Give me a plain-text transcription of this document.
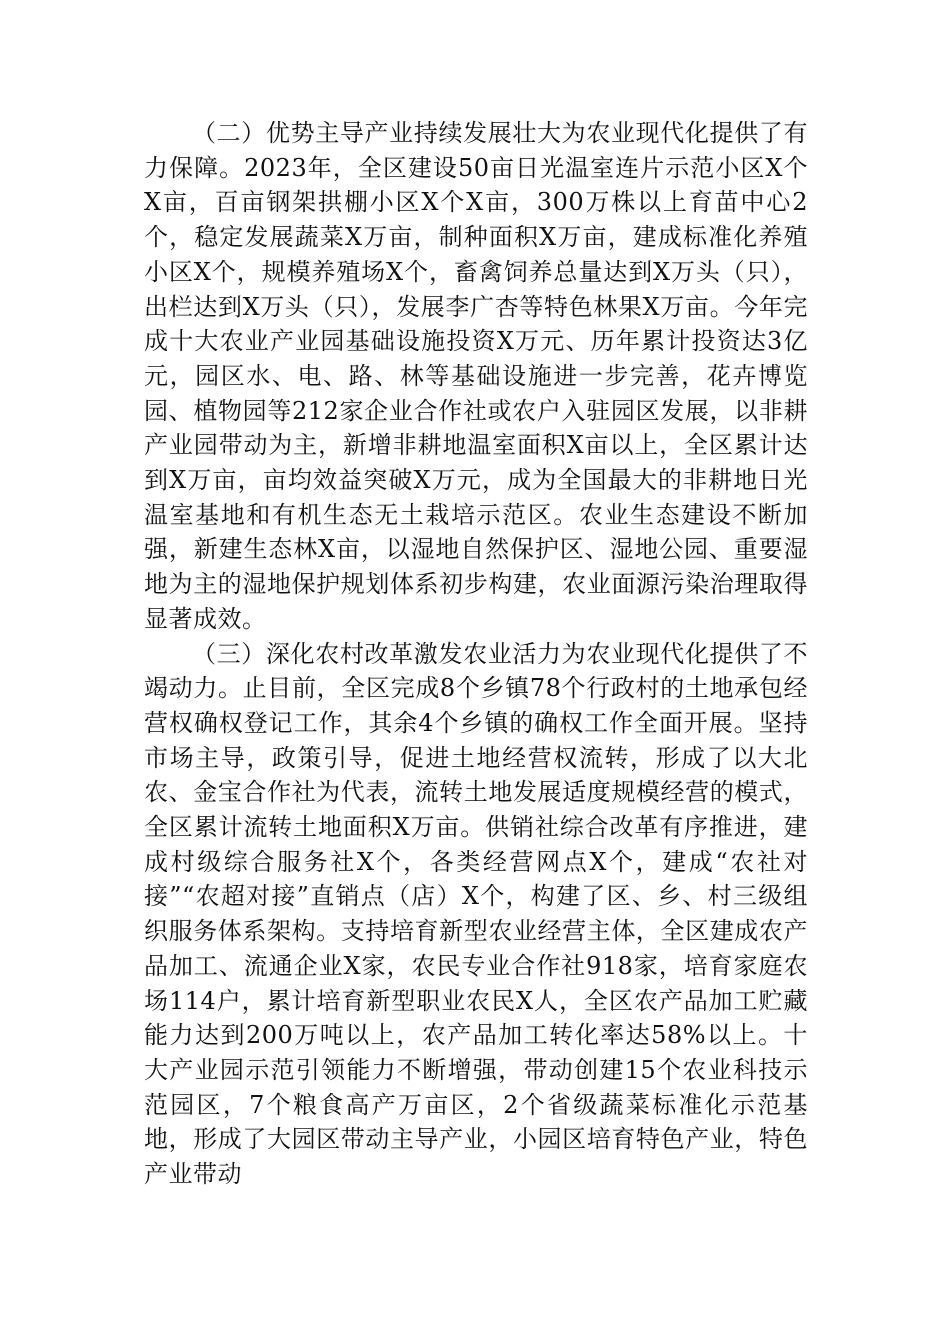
（二）优势主导产业持续发展壮大为农业现代化提供了有力保障。2023年，全区建设50亩日光温室连片示范小区X个X亩，百亩钢架拱棚小区X个X亩，300万株以上育苗中心2个，稳定发展蔬菜X万亩，制种面积X万亩，建成标准化养殖小区X个，规模养殖场X个，畜禽饲养总量达到X万头（只），出栏达到X万头（只），发展李广杏等特色林果X万亩。今年完成十大农业产业园基础设施投资X万元、历年累计投资达3亿元，园区水、电、路、林等基础设施进一步完善，花卉博览园、植物园等212家企业合作社或农户入驻园区发展，以非耕产业园带动为主，新增非耕地温室面积X亩以上，全区累计达到X万亩，亩均效益突破X万元，成为全国最大的非耕地日光温室基地和有机生态无土栽培示范区。农业生态建设不断加强，新建生态林X亩，以湿地自然保护区、湿地公园、重要湿地为主的湿地保护规划体系初步构建，农业面源污染治理取得显著成效。

（三）深化农村改革激发农业活力为农业现代化提供了不竭动力。止目前，全区完成8个乡镇78个行政村的土地承包经营权确权登记工作，其余4个乡镇的确权工作全面开展。坚持市场主导，政策引导，促进土地经营权流转，形成了以大北农、金宝合作社为代表，流转土地发展适度规模经营的模式，全区累计流转土地面积X万亩。供销社综合改革有序推进，建成村级综合服务社X个，各类经营网点X个，建成“农社对接”“农超对接”直销点（店）X个，构建了区、乡、村三级组织服务体系架构。支持培育新型农业经营主体，全区建成农产品加工、流通企业X家，农民专业合作社918家，培育家庭农场114户，累计培育新型职业农民X人，全区农产品加工贮藏能力达到200万吨以上，农产品加工转化率达58%以上。十大产业园示范引领能力不断增强，带动创建15个农业科技示范园区，7个粮食高产万亩区，2个省级蔬菜标准化示范基地，形成了大园区带动主导产业，小园区培育特色产业，特色产业带动
